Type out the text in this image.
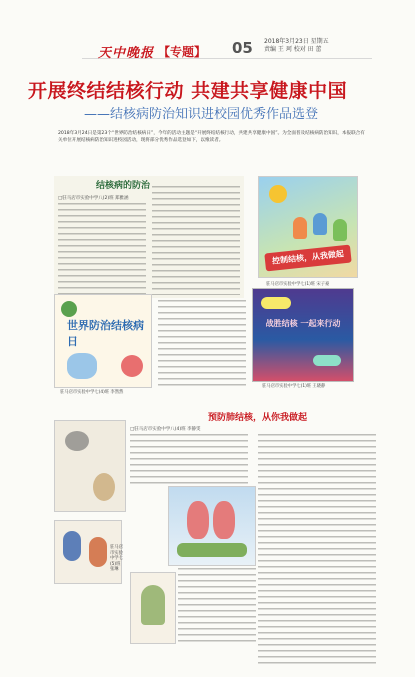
天中晚报 【专题】 05 2018年3月23日 星期五
责编 王 珂 校对 田 蕾
开展终结结核行动 共建共享健康中国
——结核病防治知识进校园优秀作品选登
2018年3月24日是第23个“世界防治结核病日”，今年的活动主题是“开展终结结核行动，共建共享健康中国”。为全面普及结核病防治知识，本报联合有关单位开展结核病防治知识进校园活动，现将部分优秀作品选登如下，以飨读者。
结核病的防治
□驻马店市实验中学八(2)班 郑雅涵
控制结核，从我做起
驻马店市实验中学七(1)班 宋子豪
战胜结核 一起来行动
驻马店市实验中学七(1)班 王晓静
世界防治结核病日
驻马店市实验中学七(4)班 李然然
预防肺结核，从你我做起
□驻马店市实验中学八(4)班 李静雯
驻马店市实验中学七(5)班 张琳
